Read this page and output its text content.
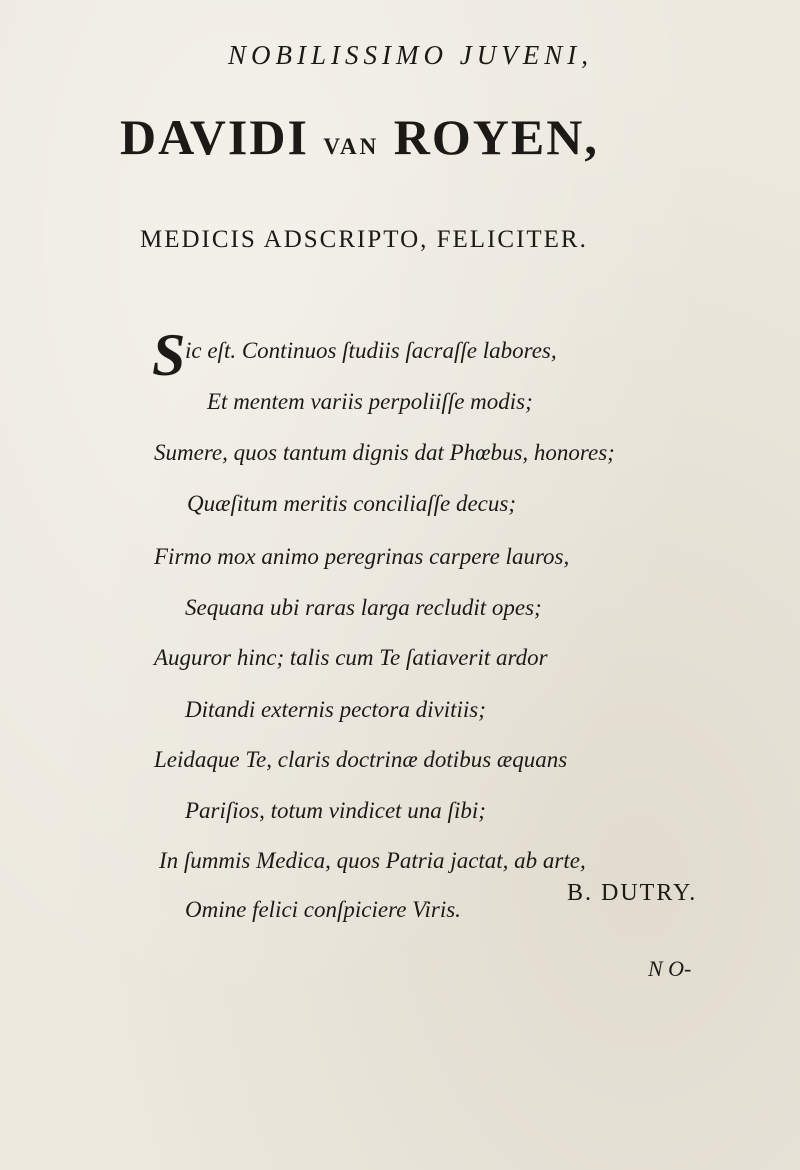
NOBILISSIMO JUVENI,
DAVIDI van ROYEN,
MEDICIS ADSCRIPTO, FELICITER.
S ic eſt. Continuos ſtudiis ſacraſſe labores,
Et mentem variis perpoliiſſe modis;
Sumere, quos tantum dignis dat Phœbus, honores;
Quæſitum meritis conciliaſſe decus;
Firmo mox animo peregrinas carpere lauros,
Sequana ubi raras larga recludit opes;
Auguror hinc; talis cum Te ſatiaverit ardor
Ditandi externis pectora divitiis;
Leidaque Te, claris doctrinæ dotibus æquans
Pariſios, totum vindicet una ſibi;
In ſummis Medica, quos Patria jactat, ab arte,
Omine felici conſpiciere Viris.
B. DUTRY.
N O-
